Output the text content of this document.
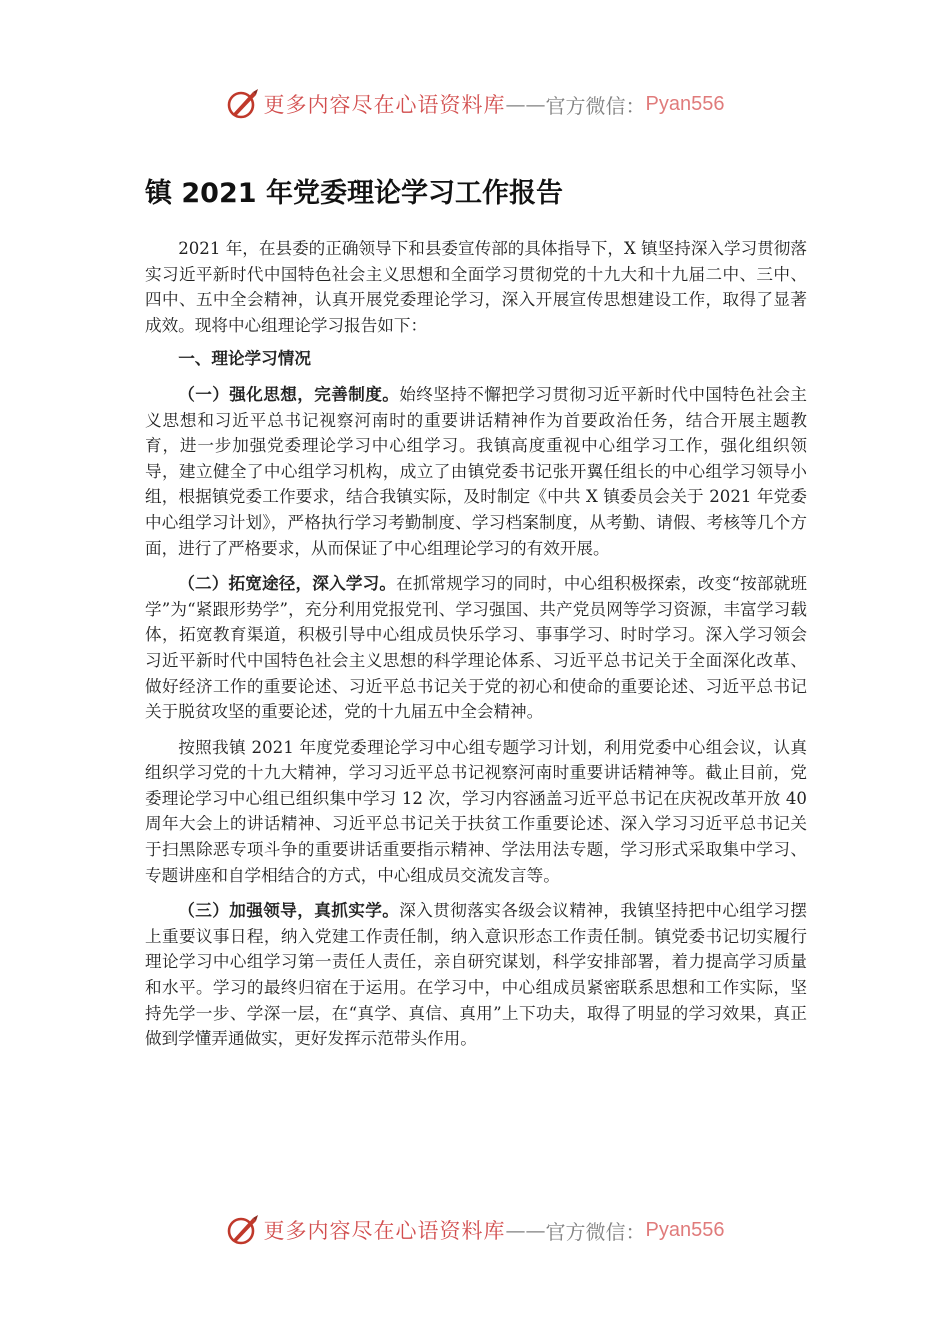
更多内容尽在心语资料库 —— 官方微信： Pyan556
镇 2021 年党委理论学习工作报告

2021 年，在县委的正确领导下和县委宣传部的具体指导下，X 镇坚持深入学习贯彻落实习近平新时代中国特色社会主义思想和全面学习贯彻党的十九大和十九届二中、三中、四中、五中全会精神，认真开展党委理论学习，深入开展宣传思想建设工作，取得了显著成效。现将中心组理论学习报告如下：

一、理论学习情况

（一）强化思想，完善制度。始终坚持不懈把学习贯彻习近平新时代中国特色社会主义思想和习近平总书记视察河南时的重要讲话精神作为首要政治任务，结合开展主题教育，进一步加强党委理论学习中心组学习。我镇高度重视中心组学习工作，强化组织领导，建立健全了中心组学习机构，成立了由镇党委书记张开翼任组长的中心组学习领导小组，根据镇党委工作要求，结合我镇实际，及时制定《中共 X 镇委员会关于 2021 年党委中心组学习计划》，严格执行学习考勤制度、学习档案制度，从考勤、请假、考核等几个方面，进行了严格要求，从而保证了中心组理论学习的有效开展。

（二）拓宽途径，深入学习。在抓常规学习的同时，中心组积极探索，改变“按部就班学”为“紧跟形势学”，充分利用党报党刊、学习强国、共产党员网等学习资源，丰富学习载体，拓宽教育渠道，积极引导中心组成员快乐学习、事事学习、时时学习。深入学习领会习近平新时代中国特色社会主义思想的科学理论体系、习近平总书记关于全面深化改革、做好经济工作的重要论述、习近平总书记关于党的初心和使命的重要论述、习近平总书记关于脱贫攻坚的重要论述，党的十九届五中全会精神。

按照我镇 2021 年度党委理论学习中心组专题学习计划，利用党委中心组会议，认真组织学习党的十九大精神，学习习近平总书记视察河南时重要讲话精神等。截止目前，党委理论学习中心组已组织集中学习 12 次，学习内容涵盖习近平总书记在庆祝改革开放 40 周年大会上的讲话精神、习近平总书记关于扶贫工作重要论述、深入学习习近平总书记关于扫黑除恶专项斗争的重要讲话重要指示精神、学法用法专题，学习形式采取集中学习、专题讲座和自学相结合的方式，中心组成员交流发言等。

（三）加强领导，真抓实学。深入贯彻落实各级会议精神，我镇坚持把中心组学习摆上重要议事日程，纳入党建工作责任制，纳入意识形态工作责任制。镇党委书记切实履行理论学习中心组学习第一责任人责任，亲自研究谋划，科学安排部署，着力提高学习质量和水平。学习的最终归宿在于运用。在学习中，中心组成员紧密联系思想和工作实际，坚持先学一步、学深一层，在“真学、真信、真用”上下功夫，取得了明显的学习效果，真正做到学懂弄通做实，更好发挥示范带头作用。

更多内容尽在心语资料库 —— 官方微信： Pyan556
